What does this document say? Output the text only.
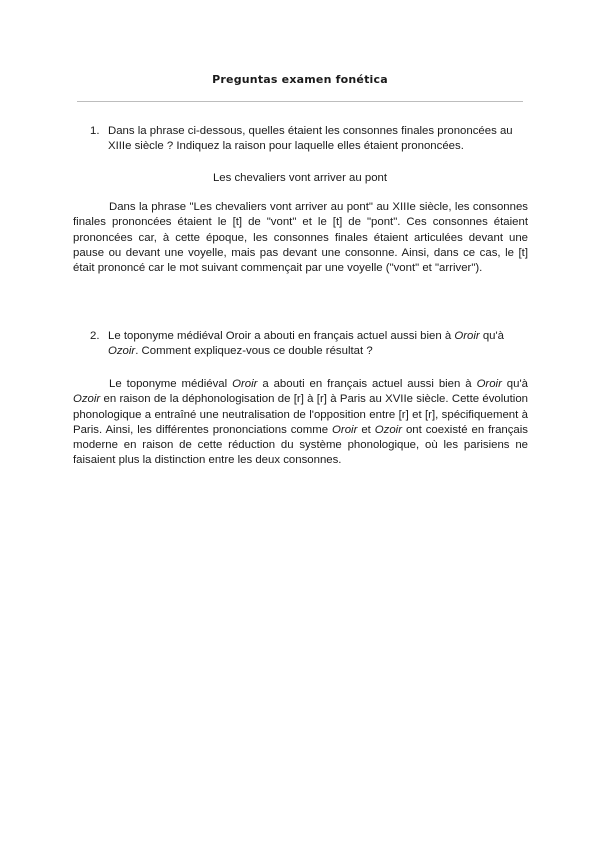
Preguntas examen fonética
1. Dans la phrase ci-dessous, quelles étaient les consonnes finales prononcées au XIIIe siècle ? Indiquez la raison pour laquelle elles étaient prononcées.
Les chevaliers vont arriver au pont

Dans la phrase "Les chevaliers vont arriver au pont" au XIIIe siècle, les consonnes finales prononcées étaient le [t] de "vont" et le [t] de "pont". Ces consonnes étaient prononcées car, à cette époque, les consonnes finales étaient articulées devant une pause ou devant une voyelle, mais pas devant une consonne. Ainsi, dans ce cas, le [t] était prononcé car le mot suivant commençait par une voyelle ("vont" et "arriver").

2. Le toponyme médiéval Oroir a abouti en français actuel aussi bien à Oroir qu'à Ozoir. Comment expliquez-vous ce double résultat ?

Le toponyme médiéval Oroir a abouti en français actuel aussi bien à Oroir qu'à Ozoir en raison de la déphonologisation de [r] à [r] à Paris au XVIIe siècle. Cette évolution phonologique a entraîné une neutralisation de l'opposition entre [r] et [r], spécifiquement à Paris. Ainsi, les différentes prononciations comme Oroir et Ozoir ont coexisté en français moderne en raison de cette réduction du système phonologique, où les parisiens ne faisaient plus la distinction entre les deux consonnes.
